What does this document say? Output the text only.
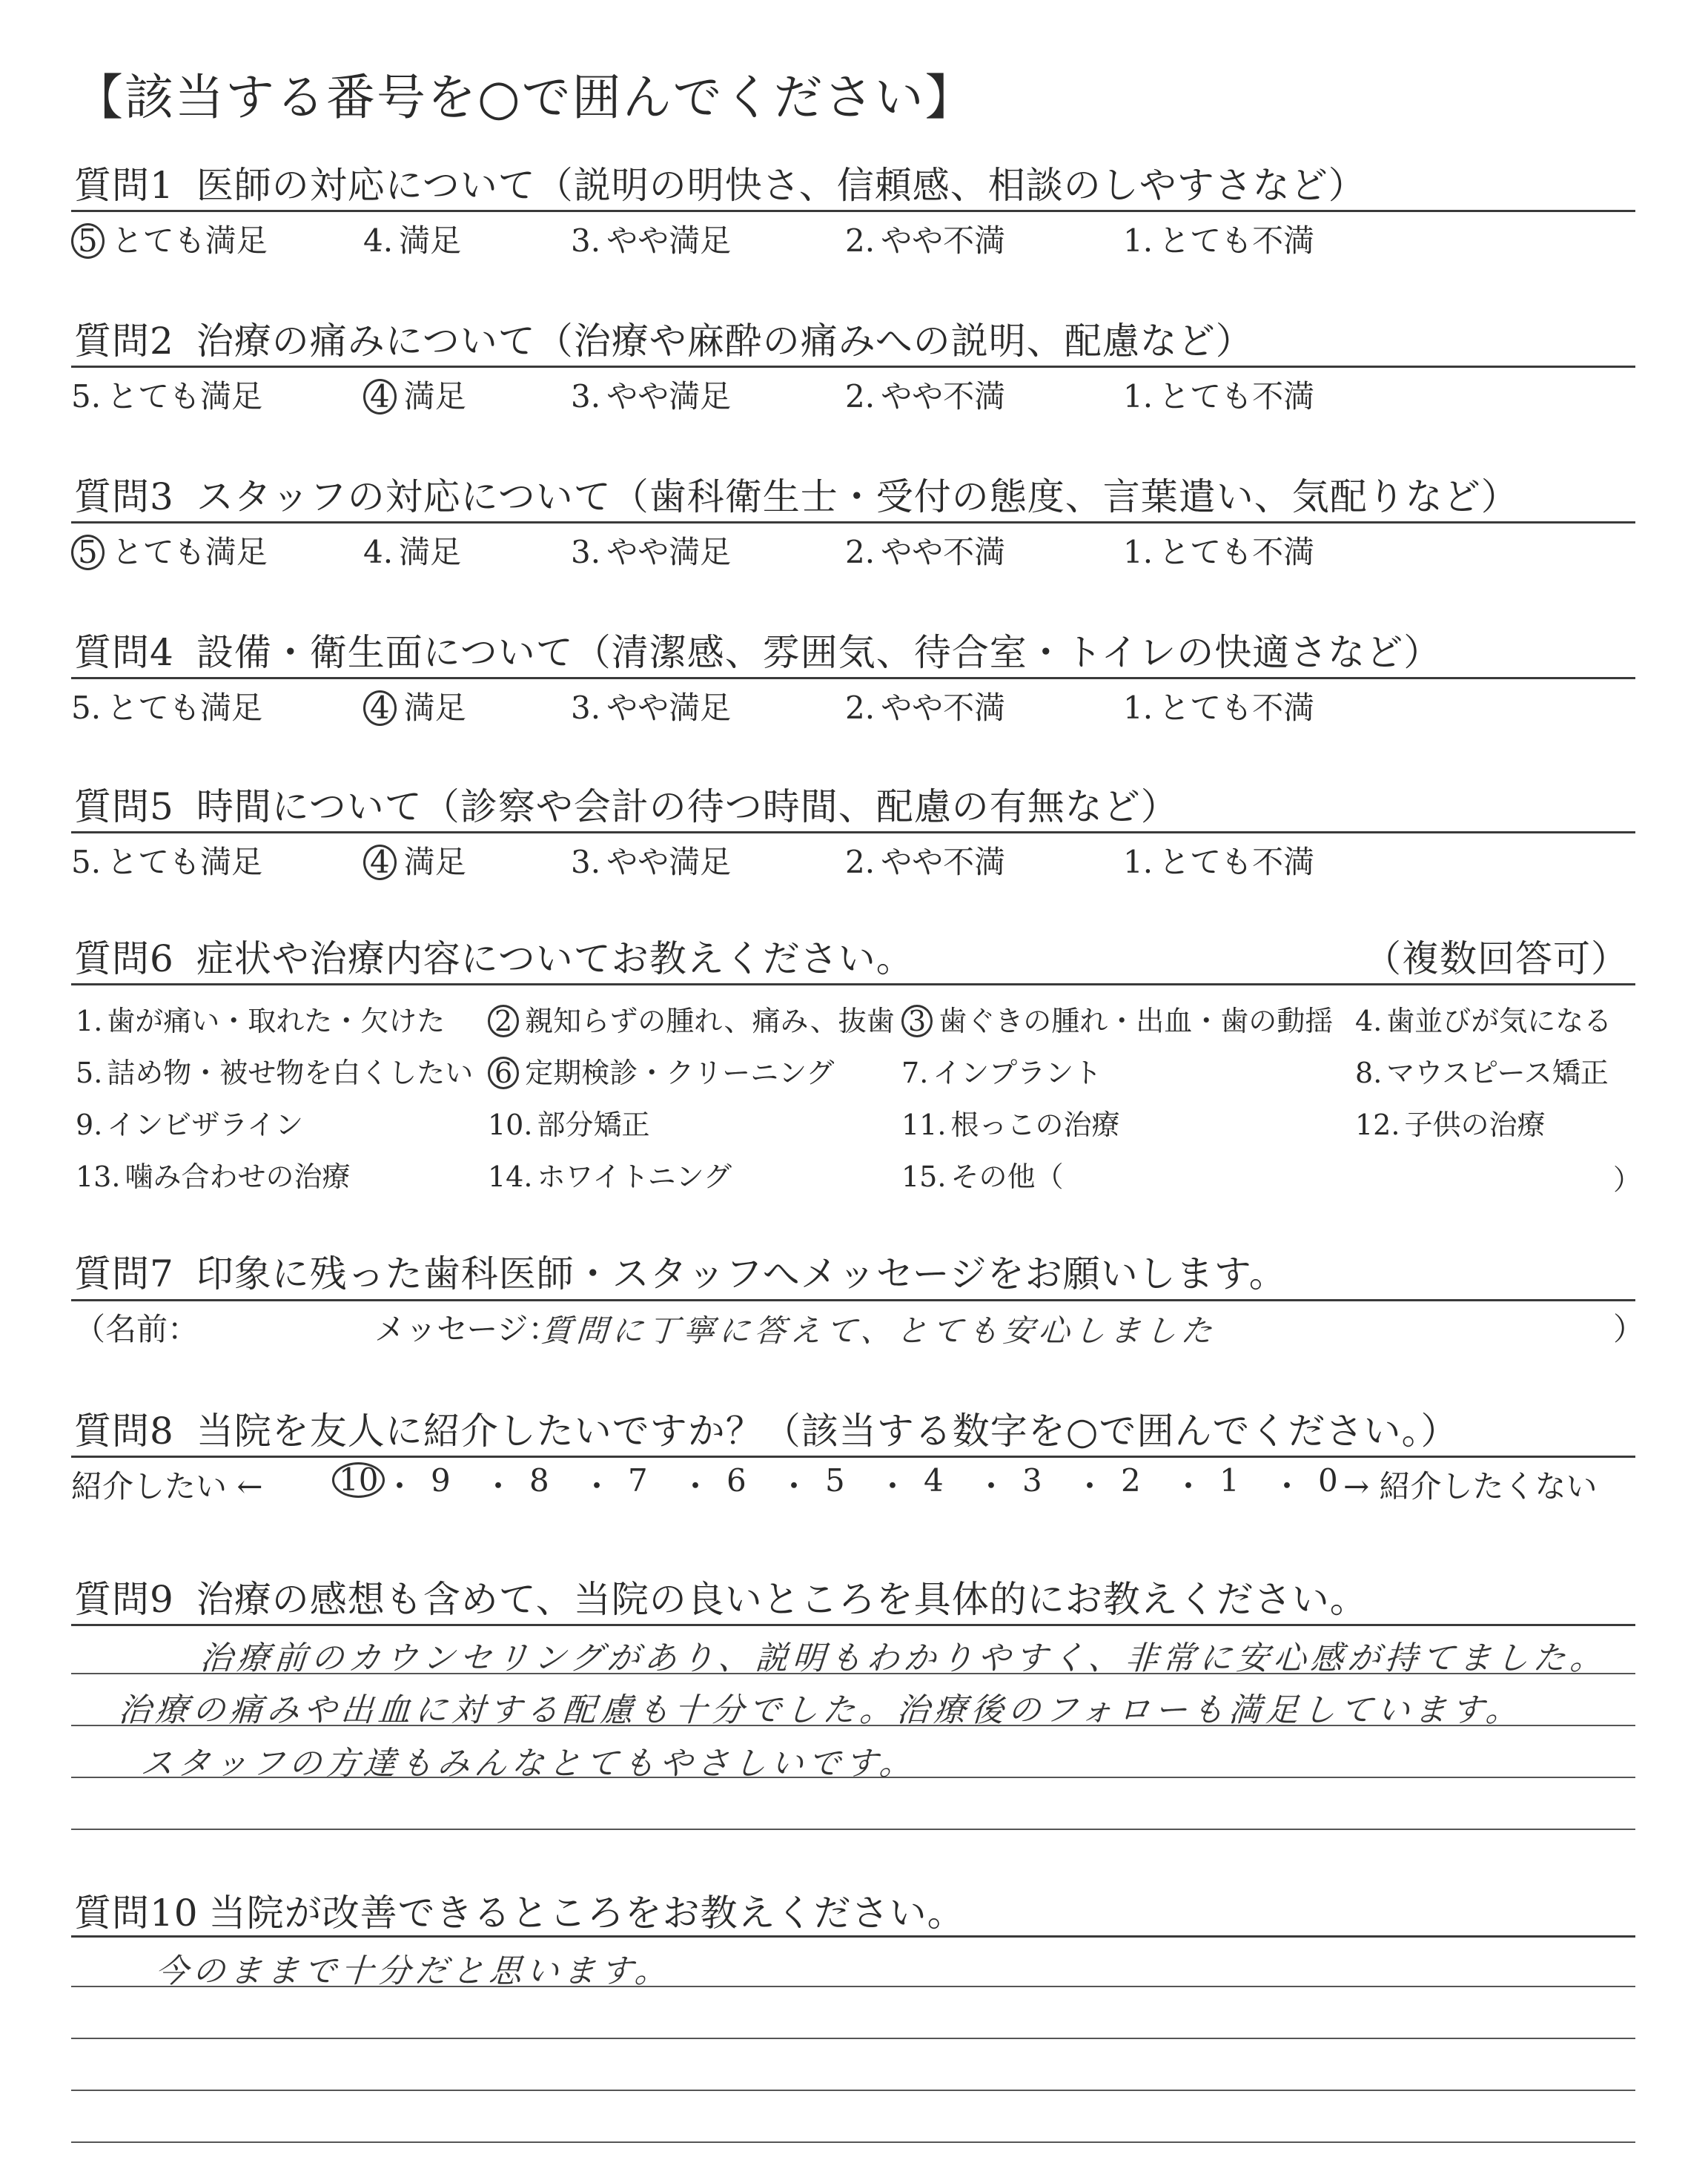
【該当する番号を○で囲んでください】
質問1 医師の対応について（説明の明快さ、信頼感、相談のしやすさなど）
5 とても満足	4. 満足	3. やや満足	2. やや不満	1. とても不満
質問2 治療の痛みについて（治療や麻酔の痛みへの説明、配慮など）
5. とても満足	4 満足	3. やや満足	2. やや不満	1. とても不満
質問3 スタッフの対応について（歯科衛生士・受付の態度、言葉遣い、気配りなど）
5 とても満足	4. 満足	3. やや満足	2. やや不満	1. とても不満
質問4 設備・衛生面について（清潔感、雰囲気、待合室・トイレの快適さなど）
5. とても満足	4 満足	3. やや満足	2. やや不満	1. とても不満
質問5 時間について（診察や会計の待つ時間、配慮の有無など）
5. とても満足	4 満足	3. やや満足	2. やや不満	1. とても不満
質問6 症状や治療内容についてお教えください。	（複数回答可）
1. 歯が痛い・取れた・欠けた 2 親知らずの腫れ、痛み、抜歯 3 歯ぐきの腫れ・出血・歯の動揺 4. 歯並びが気になる
5. 詰め物・被せ物を白くしたい 6 定期検診・クリーニング 7. インプラント	8. マウスピース矯正
9. インビザライン	10. 部分矯正	11. 根っこの治療	12. 子供の治療
13. 噛み合わせの治療	14. ホワイトニング	15. その他（	）
質問7 印象に残った歯科医師・スタッフへメッセージをお願いします。
（名前：	メッセージ：
質問に丁寧に答えて、とても安心しました	）
質問8 当院を友人に紹介したいですか？（該当する数字を○で囲んでください。）
紹介したい ← 10 ・ 9 ・ 8 ・ 7 ・ 6 ・ 5 ・ 4 ・ 3 ・ 2 ・ 1 ・ 0 → 紹介したくない
質問9 治療の感想も含めて、当院の良いところを具体的にお教えください。
治療前のカウンセリングがあり、説明もわかりやすく、非常に安心感が持てました。
治療の痛みや出血に対する配慮も十分でした。治療後のフォローも満足しています。
スタッフの方達もみんなとてもやさしいです。
質問10 当院が改善できるところをお教えください。
今のままで十分だと思います。
